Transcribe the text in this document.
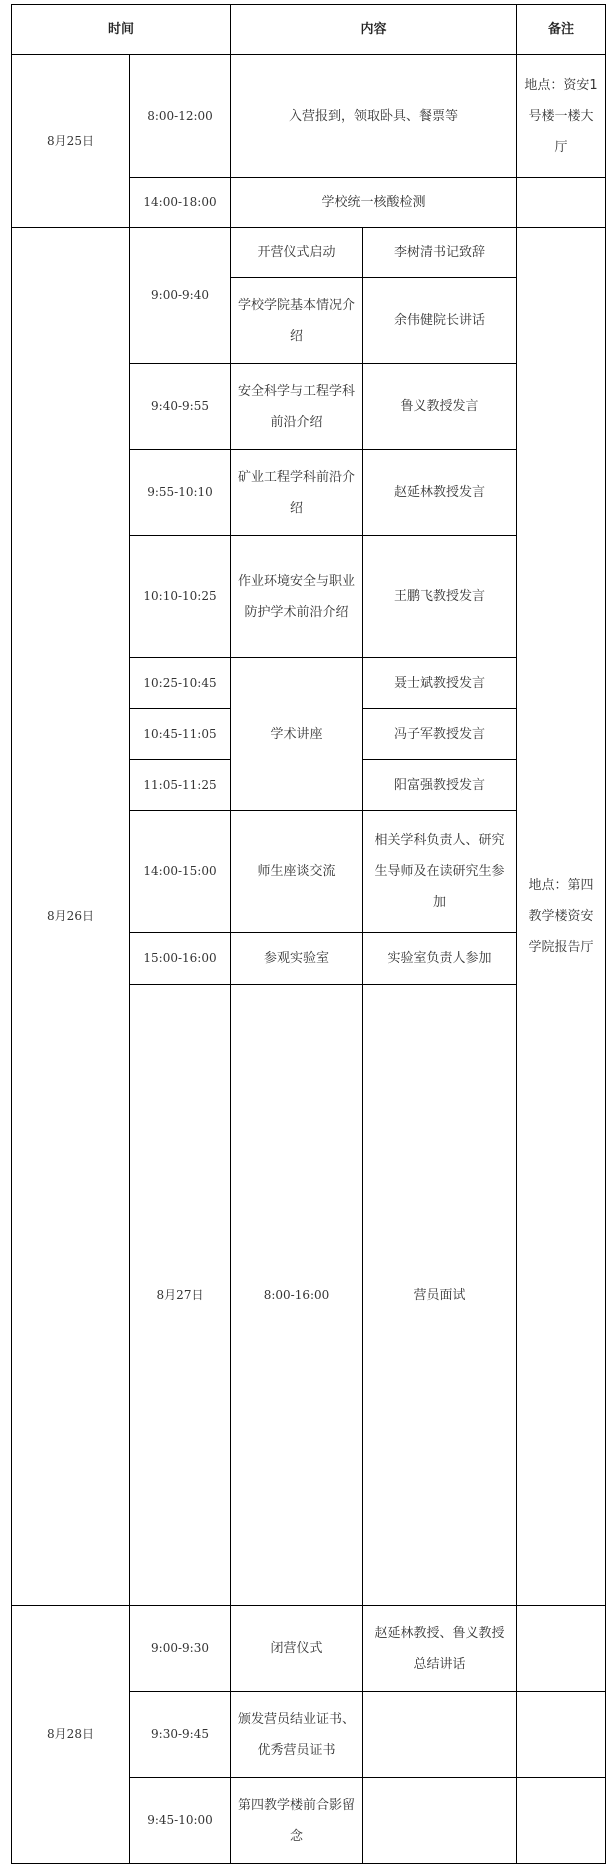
时间		内容		备注	
8月25日	8:00-12:00	入营报到，领取卧具、餐票等		地点：资安1号楼一楼大厅	
	14:00-18:00	学校统一核酸检测			
8月26日	9:00-9:40	开营仪式启动	李树清书记致辞	地点：第四教学楼资安学院报告厅	
		学校学院基本情况介绍	余伟健院长讲话		
	9:40-9:55	安全科学与工程学科前沿介绍	鲁义教授发言		
	9:55-10:10	矿业工程学科前沿介绍	赵延林教授发言		
	10:10-10:25	作业环境安全与职业防护学术前沿介绍	王鹏飞教授发言		
	10:25-10:45	学术讲座	聂士斌教授发言		
	10:45-11:05		冯子军教授发言		
	11:05-11:25		阳富强教授发言		
	14:00-15:00	师生座谈交流	相关学科负责人、研究生导师及在读研究生参加		
	15:00-16:00	参观实验室	实验室负责人参加		
	8月27日	8:00-16:00	营员面试		
8月28日	9:00-9:30	闭营仪式	赵延林教授、鲁义教授总结讲话		
	9:30-9:45	颁发营员结业证书、优秀营员证书			
	9:45-10:00	第四教学楼前合影留念			
